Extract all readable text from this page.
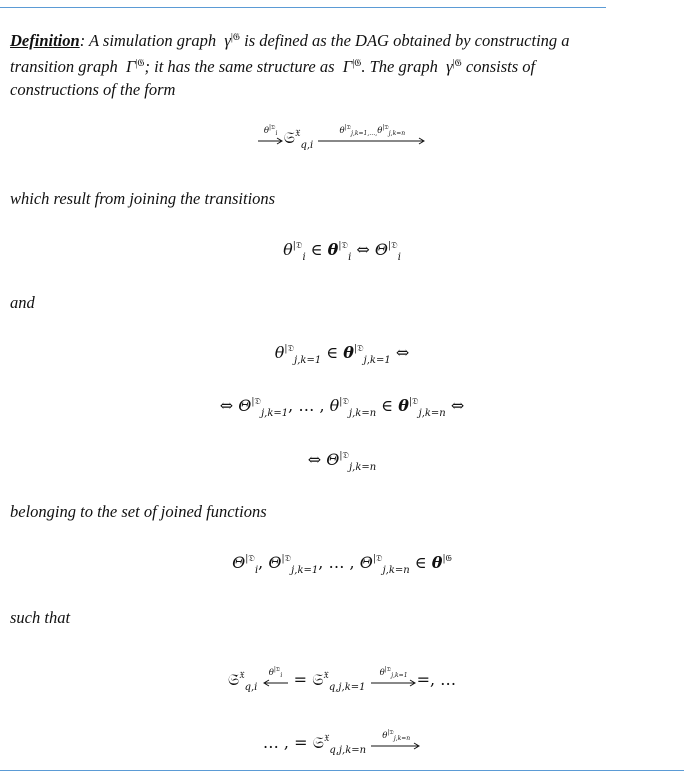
Definition: A simulation graph $\gamma^{|𝔊}$ is defined as the DAG obtained by constructing a
transition graph $\Gamma^{|𝔊}$; it has the same structure as $\Gamma^{|𝔊}$. The graph $\gamma^{|𝔊}$ consists of
constructions of the form
$\theta^{|𝔇}_i$ 𝔖$^𝔛_{q,i}$
$\theta^{|𝔇}_{j,k=1,\dots,}\theta^{|𝔇}_{j,k=n}$
which result from joining the transitions
$\theta^{|𝔇}_i$ ∈ 𝜽$^{|𝔇}_i$ ⇔ $\Theta^{|𝔇}_i$
and
$\theta^{|𝔇}_{j,k=1}$ ∈ 𝜽$^{|𝔇}_{j,k=1}$ ⇔
⇔ $\Theta^{|𝔇}_{j,k=1}$, … , $\theta^{|𝔇}_{j,k=n}$ ∈ 𝜽$^{|𝔇}_{j,k=n}$ ⇔
⇔ $\Theta^{|𝔇}_{j,k=n}$
belonging to the set of joined functions
$\Theta^{|𝔇}_i$, $\Theta^{|𝔇}_{j,k=1}$, … , $\Theta^{|𝔇}_{j,k=n}$ ∈ 𝜽$^{|𝔊}$
such that
𝔖̇$^𝔛_{q,i}$
$\theta^{|𝔇}_i$ = 𝔖$^𝔛_{q,j,k=1}$
$\theta^{|𝔇}_{j,k=1}$ =, …
… , = 𝔖$^𝔛_{q,j,k=n}$
$\theta^{|𝔇}_{j,k=n}$
